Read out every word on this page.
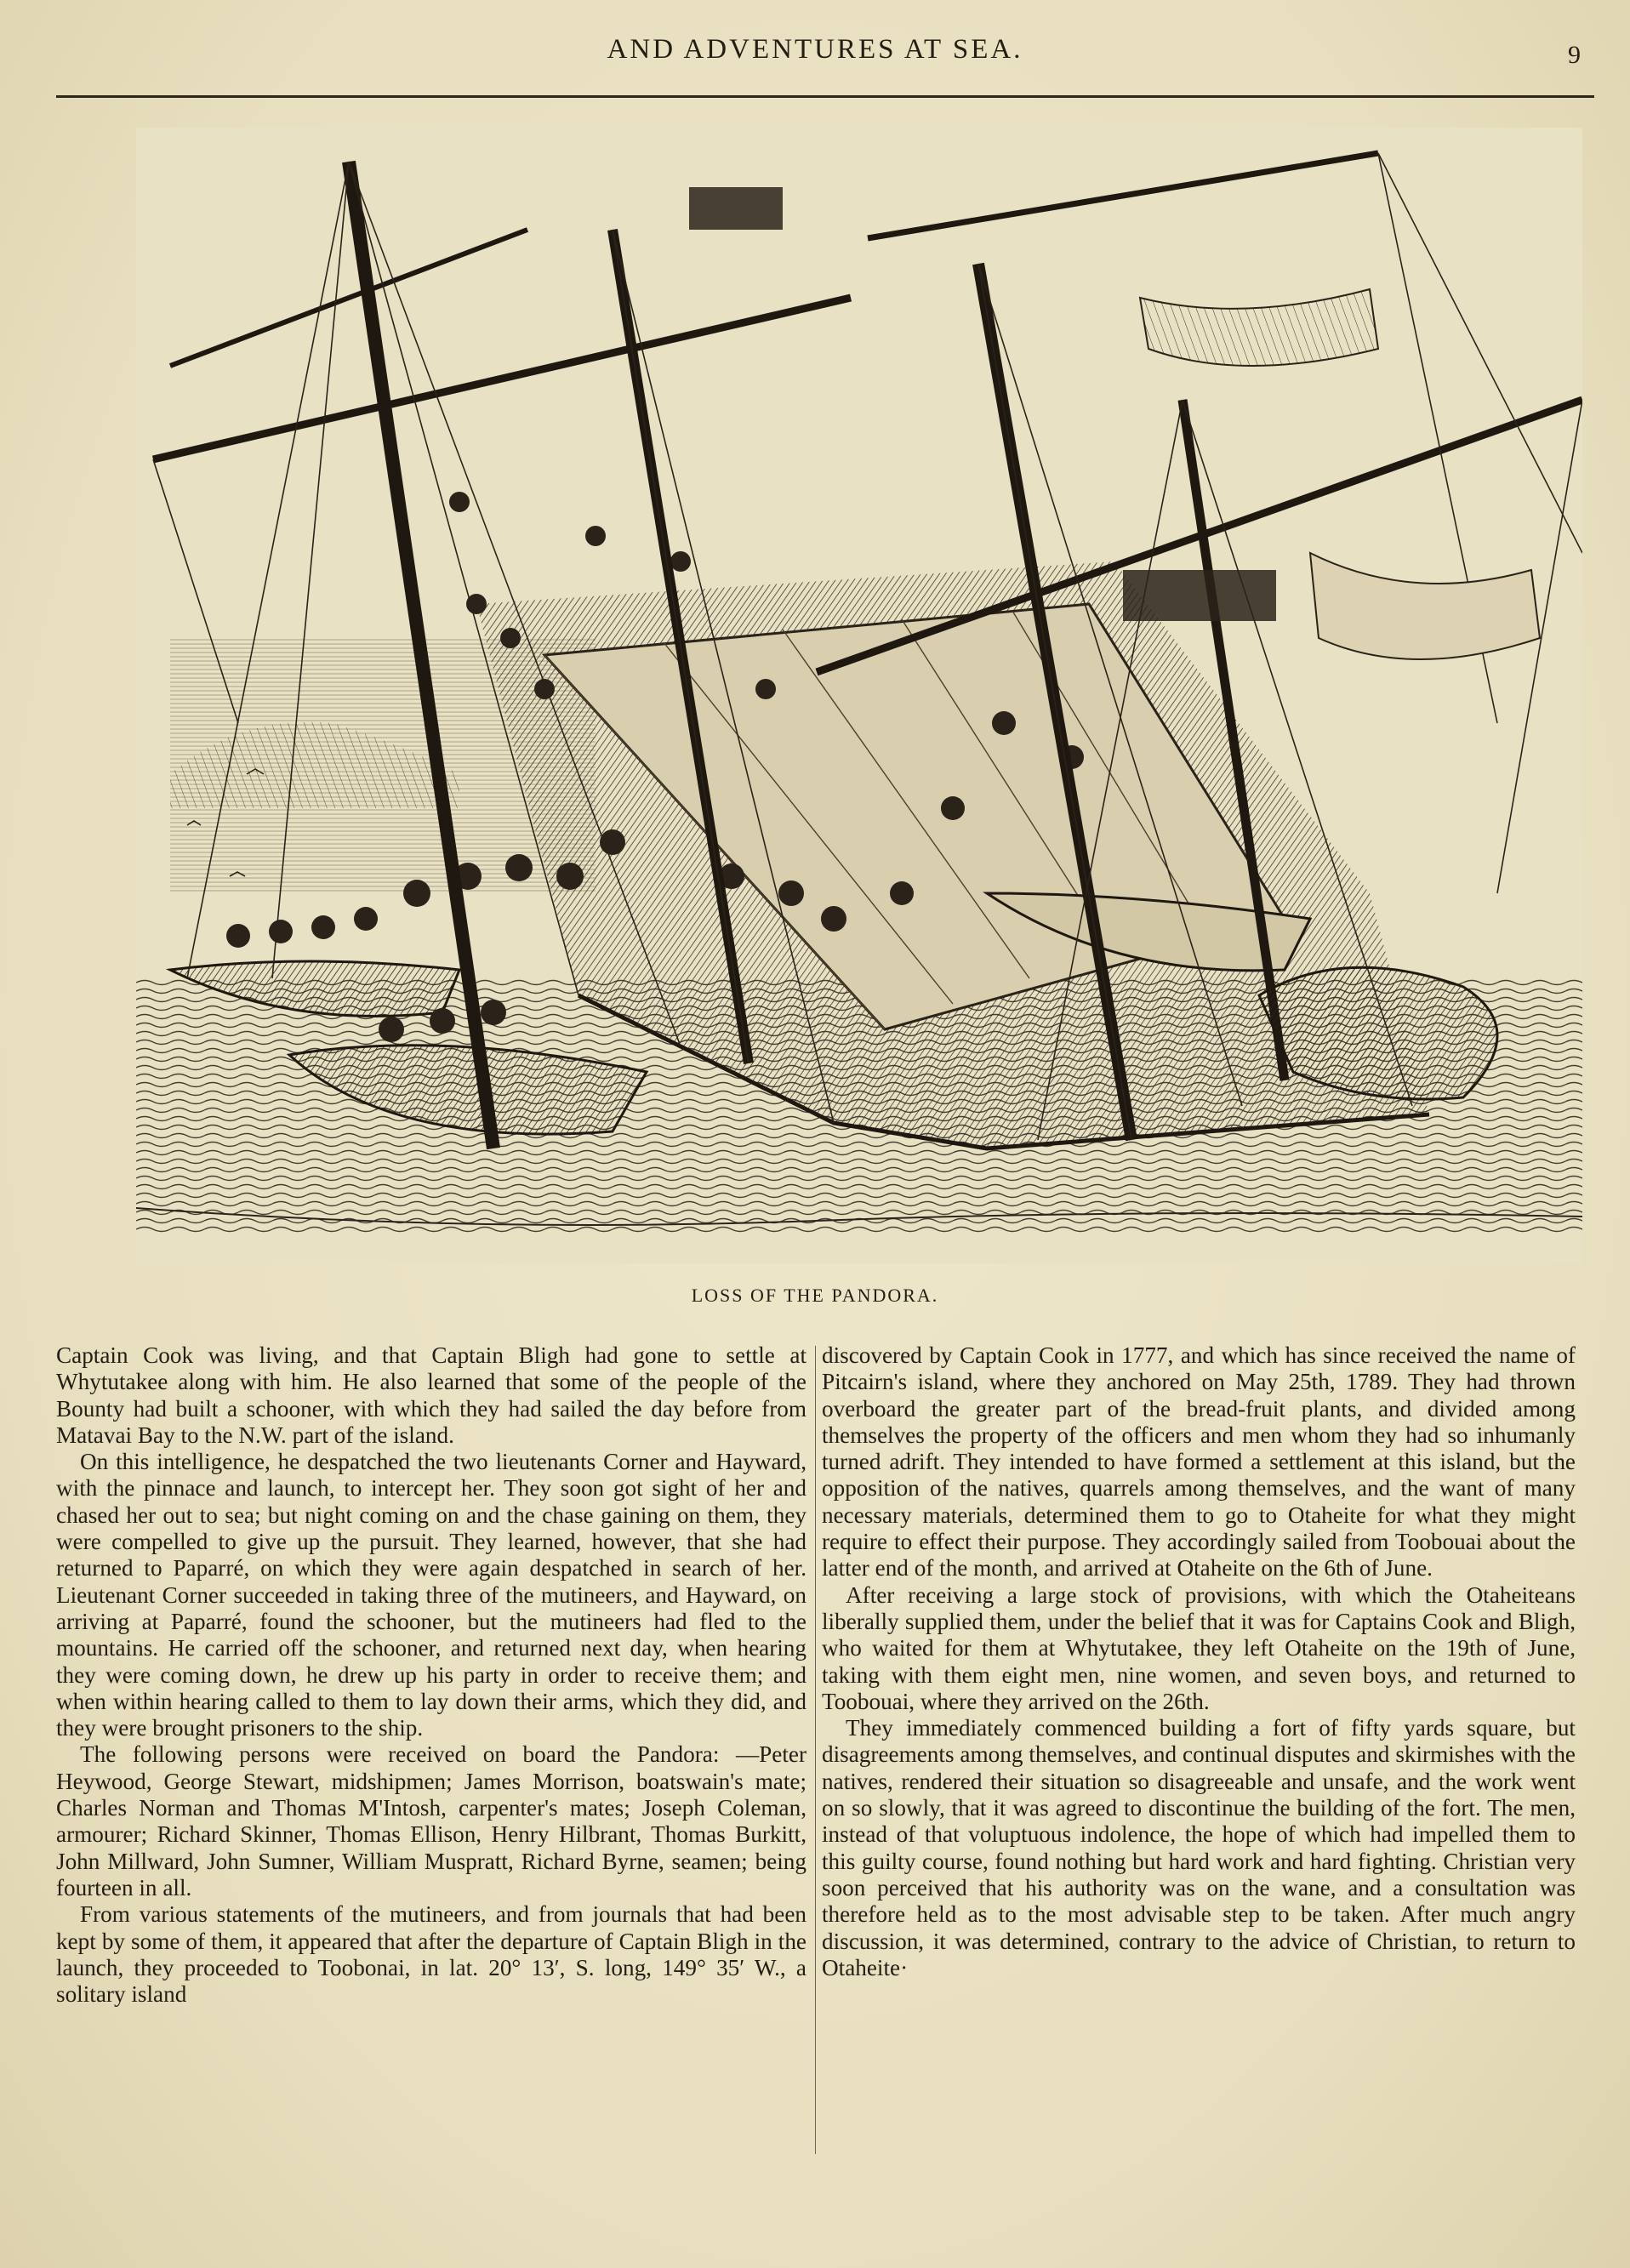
AND ADVENTURES AT SEA.	9
LOSS OF THE PANDORA.

Captain Cook was living, and that Captain Bligh had gone to settle at Whytutakee along with him. He also learned that some of the people of the Bounty had built a schooner, with which they had sailed the day before from Matavai Bay to the N.W. part of the island.

On this intelligence, he despatched the two lieutenants Corner and Hayward, with the pinnace and launch, to intercept her. They soon got sight of her and chased her out to sea; but night coming on and the chase gaining on them, they were compelled to give up the pursuit. They learned, however, that she had returned to Paparré, on which they were again despatched in search of her. Lieutenant Corner succeeded in taking three of the mutineers, and Hayward, on arriving at Paparré, found the schooner, but the mutineers had fled to the mountains. He carried off the schooner, and returned next day, when hearing they were coming down, he drew up his party in order to receive them; and when within hearing called to them to lay down their arms, which they did, and they were brought prisoners to the ship.

The following persons were received on board the Pandora: —Peter Heywood, George Stewart, midshipmen; James Morrison, boatswain's mate; Charles Norman and Thomas M'Intosh, carpenter's mates; Joseph Coleman, armourer; Richard Skinner, Thomas Ellison, Henry Hilbrant, Thomas Burkitt, John Millward, John Sumner, William Muspratt, Richard Byrne, seamen; being fourteen in all.

From various statements of the mutineers, and from journals that had been kept by some of them, it appeared that after the departure of Captain Bligh in the launch, they proceeded to Toobonai, in lat. 20° 13′, S. long, 149° 35′ W., a solitary island

discovered by Captain Cook in 1777, and which has since received the name of Pitcairn's island, where they anchored on May 25th, 1789. They had thrown overboard the greater part of the bread-fruit plants, and divided among themselves the property of the officers and men whom they had so inhumanly turned adrift. They intended to have formed a settlement at this island, but the opposition of the natives, quarrels among themselves, and the want of many necessary materials, determined them to go to Otaheite for what they might require to effect their purpose. They accordingly sailed from Toobouai about the latter end of the month, and arrived at Otaheite on the 6th of June.

After receiving a large stock of provisions, with which the Otaheiteans liberally supplied them, under the belief that it was for Captains Cook and Bligh, who waited for them at Whytutakee, they left Otaheite on the 19th of June, taking with them eight men, nine women, and seven boys, and returned to Toobouai, where they arrived on the 26th.

They immediately commenced building a fort of fifty yards square, but disagreements among themselves, and continual disputes and skirmishes with the natives, rendered their situation so disagreeable and unsafe, and the work went on so slowly, that it was agreed to discontinue the building of the fort. The men, instead of that voluptuous indolence, the hope of which had impelled them to this guilty course, found nothing but hard work and hard fighting. Christian very soon perceived that his authority was on the wane, and a consultation was therefore held as to the most advisable step to be taken. After much angry discussion, it was determined, contrary to the advice of Christian, to return to Otaheite·
